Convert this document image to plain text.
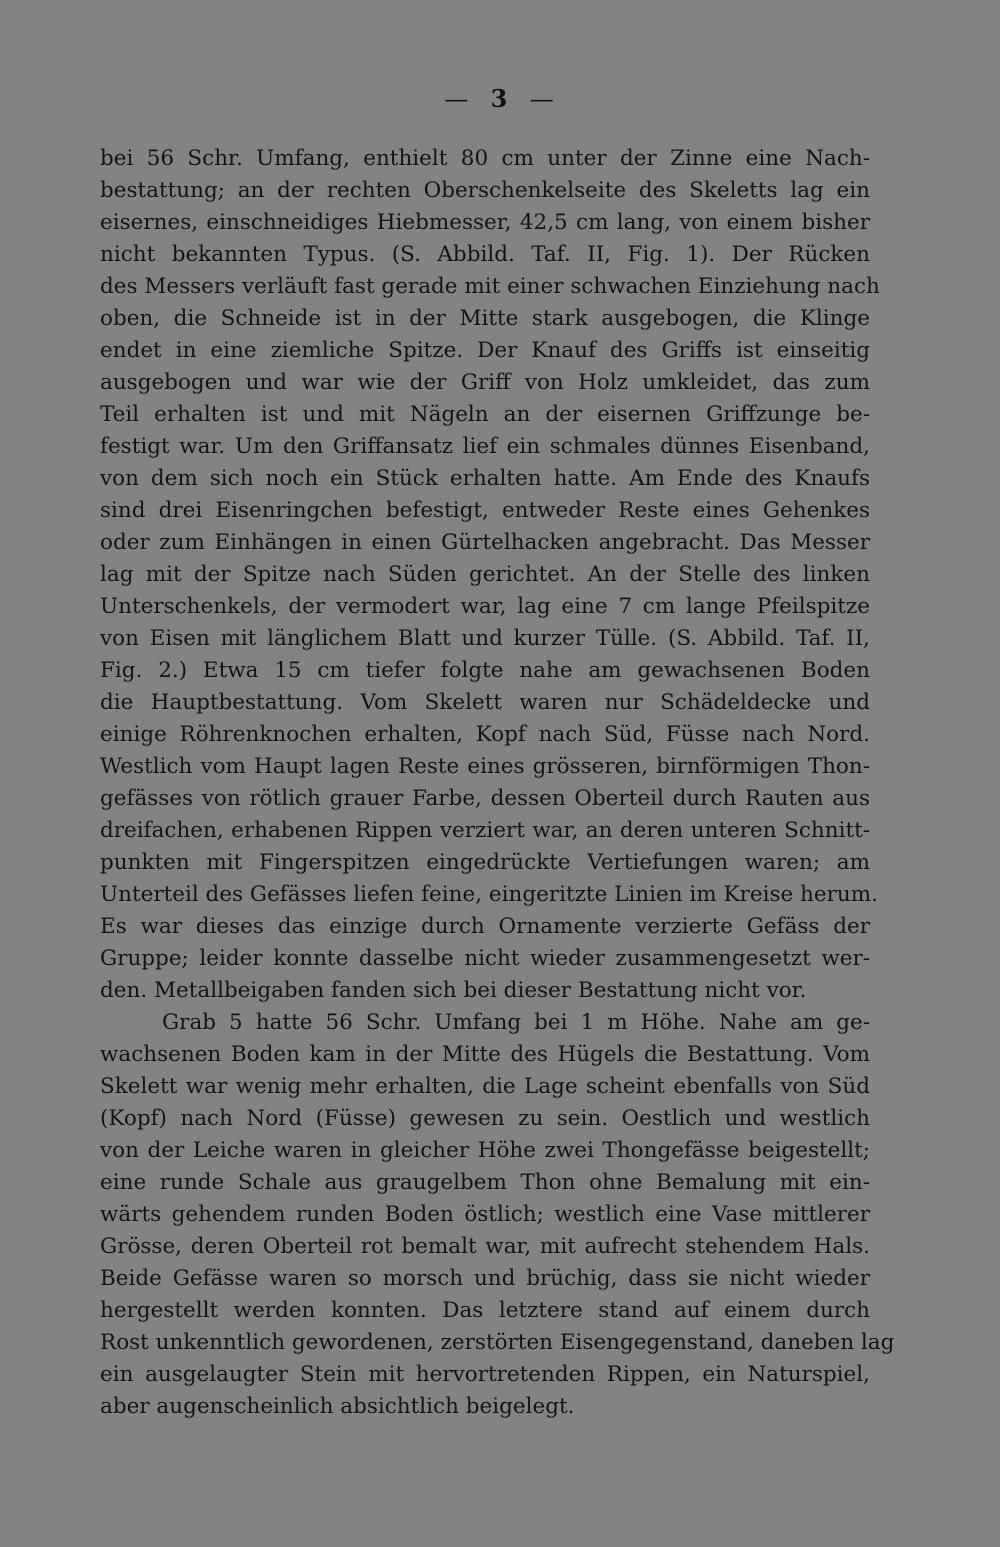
— 3 —
bei 56 Schr. Umfang, enthielt 80 cm unter der Zinne eine Nach-
bestattung; an der rechten Oberschenkelseite des Skeletts lag ein
eisernes, einschneidiges Hiebmesser, 42,5 cm lang, von einem bisher
nicht bekannten Typus. (S. Abbild. Taf. II, Fig. 1). Der Rücken
des Messers verläuft fast gerade mit einer schwachen Einziehung nach
oben, die Schneide ist in der Mitte stark ausgebogen, die Klinge
endet in eine ziemliche Spitze. Der Knauf des Griffs ist einseitig
ausgebogen und war wie der Griff von Holz umkleidet, das zum
Teil erhalten ist und mit Nägeln an der eisernen Griffzunge be-
festigt war. Um den Griffansatz lief ein schmales dünnes Eisenband,
von dem sich noch ein Stück erhalten hatte. Am Ende des Knaufs
sind drei Eisenringchen befestigt, entweder Reste eines Gehenkes
oder zum Einhängen in einen Gürtelhacken angebracht. Das Messer
lag mit der Spitze nach Süden gerichtet. An der Stelle des linken
Unterschenkels, der vermodert war, lag eine 7 cm lange Pfeilspitze
von Eisen mit länglichem Blatt und kurzer Tülle. (S. Abbild. Taf. II,
Fig. 2.) Etwa 15 cm tiefer folgte nahe am gewachsenen Boden
die Hauptbestattung. Vom Skelett waren nur Schädeldecke und
einige Röhrenknochen erhalten, Kopf nach Süd, Füsse nach Nord.
Westlich vom Haupt lagen Reste eines grösseren, birnförmigen Thon-
gefässes von rötlich grauer Farbe, dessen Oberteil durch Rauten aus
dreifachen, erhabenen Rippen verziert war, an deren unteren Schnitt-
punkten mit Fingerspitzen eingedrückte Vertiefungen waren; am
Unterteil des Gefässes liefen feine, eingeritzte Linien im Kreise herum.
Es war dieses das einzige durch Ornamente verzierte Gefäss der
Gruppe; leider konnte dasselbe nicht wieder zusammengesetzt wer-
den. Metallbeigaben fanden sich bei dieser Bestattung nicht vor.
Grab 5 hatte 56 Schr. Umfang bei 1 m Höhe. Nahe am ge-
wachsenen Boden kam in der Mitte des Hügels die Bestattung. Vom
Skelett war wenig mehr erhalten, die Lage scheint ebenfalls von Süd
(Kopf) nach Nord (Füsse) gewesen zu sein. Oestlich und westlich
von der Leiche waren in gleicher Höhe zwei Thongefässe beigestellt;
eine runde Schale aus graugelbem Thon ohne Bemalung mit ein-
wärts gehendem runden Boden östlich; westlich eine Vase mittlerer
Grösse, deren Oberteil rot bemalt war, mit aufrecht stehendem Hals.
Beide Gefässe waren so morsch und brüchig, dass sie nicht wieder
hergestellt werden konnten. Das letztere stand auf einem durch
Rost unkenntlich gewordenen, zerstörten Eisengegenstand, daneben lag
ein ausgelaugter Stein mit hervortretenden Rippen, ein Naturspiel,
aber augenscheinlich absichtlich beigelegt.
